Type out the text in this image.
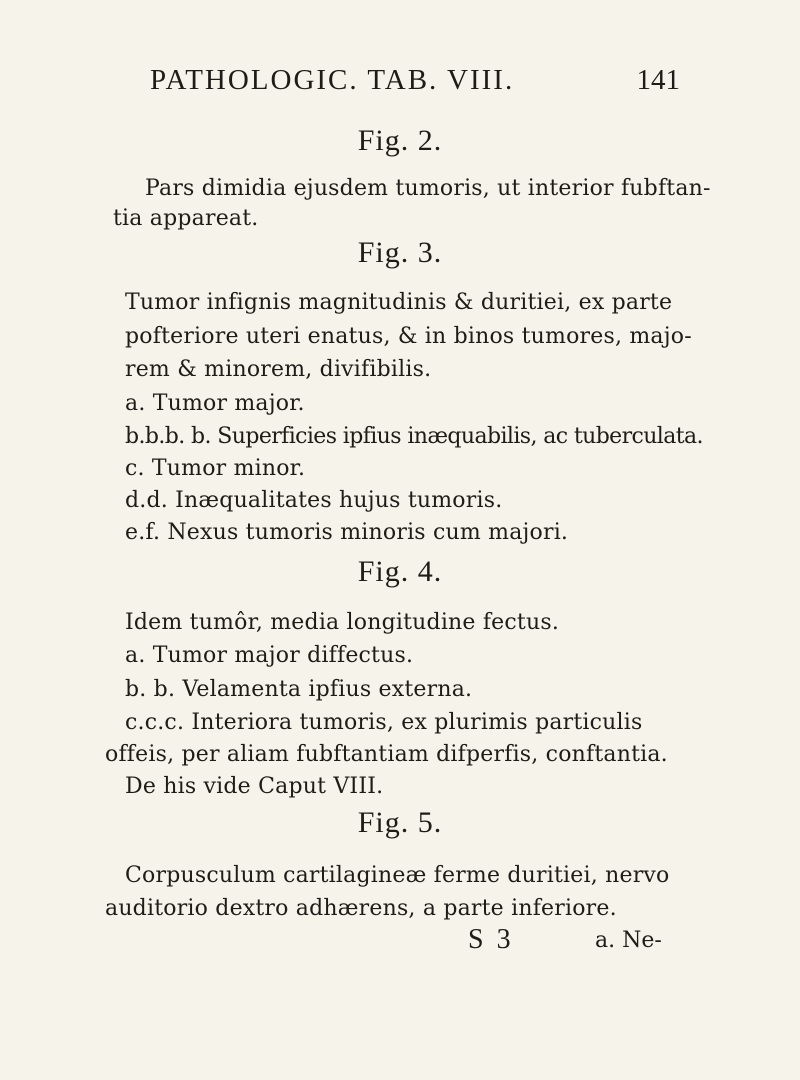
PATHOLOGIC. TAB. VIII.	141
Fig. 2.
Pars dimidia ejusdem tumoris, ut interior fubftan-
tia appareat.
Fig. 3.
Tumor infignis magnitudinis & duritiei, ex parte
pofteriore uteri enatus, & in binos tumores, majo-
rem & minorem, divifibilis.
a. Tumor major.
b.b.b. b. Superficies ipfius inæquabilis, ac tuberculata.
c. Tumor minor.
d.d. Inæqualitates hujus tumoris.
e.f. Nexus tumoris minoris cum majori.
Fig. 4.
Idem tumôr, media longitudine fectus.
a. Tumor major diffectus.
b. b. Velamenta ipfius externa.
c.c.c. Interiora tumoris, ex plurimis particulis
offeis, per aliam fubftantiam difperfis, conftantia.
De his vide Caput VIII.
Fig. 5.
Corpusculum cartilagineæ ferme duritiei, nervo
auditorio dextro adhærens, a parte inferiore.
S 3	a. Ne-
